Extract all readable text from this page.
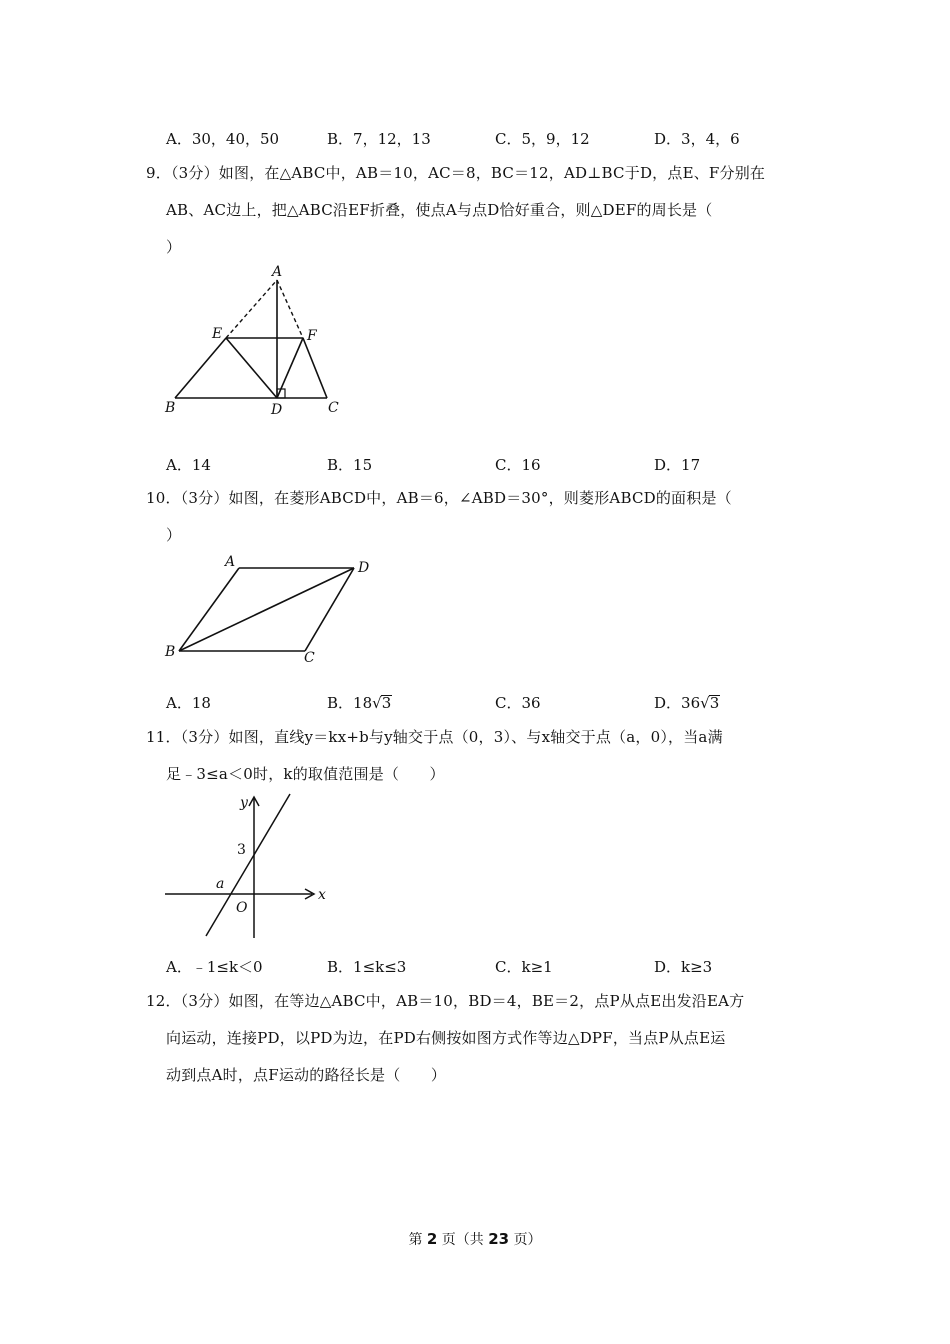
A．30，40，50	B．7，12，13	C．5，9，12	D．3，4，6
9．（3分）如图，在△ABC中，AB＝10，AC＝8，BC＝12，AD⊥BC于D，点E、F分别在
AB、AC边上，把△ABC沿EF折叠，使点A与点D恰好重合，则△DEF的周长是（
）
A
B	C
D
E	F
A．14	B．15	C．16	D．17
10．（3分）如图，在菱形ABCD中，AB＝6，∠ABD＝30°，则菱形ABCD的面积是（
）
A
B	C
D
A．18	B．18√3	C．36	D．36√3
11．（3分）如图，直线y＝kx+b与y轴交于点（0，3）、与x轴交于点（a，0），当a满
足﹣3≤a＜0时，k的取值范围是（　　）
y
x
3
a
O
A．﹣1≤k＜0	B．1≤k≤3	C．k≥1	D．k≥3
12．（3分）如图，在等边△ABC中，AB＝10，BD＝4，BE＝2，点P从点E出发沿EA方
向运动，连接PD，以PD为边，在PD右侧按如图方式作等边△DPF，当点P从点E运
动到点A时，点F运动的路径长是（　　）
第 2 页（共 23 页）
